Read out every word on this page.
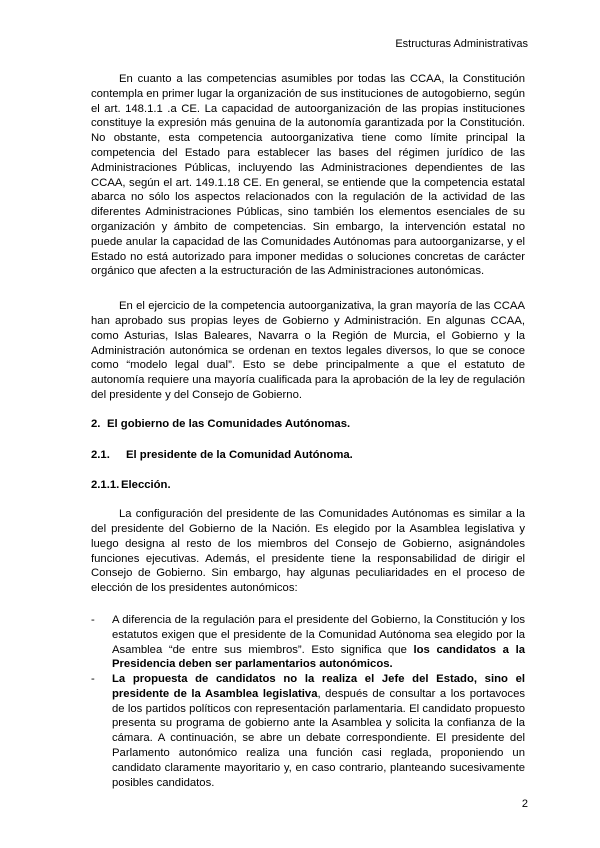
Estructuras Administrativas

En cuanto a las competencias asumibles por todas las CCAA, la Constitución contempla en primer lugar la organización de sus instituciones de autogobierno, según el art. 148.1.1 .a CE. La capacidad de autoorganización de las propias instituciones constituye la expresión más genuina de la autonomía garantizada por la Constitución. No obstante, esta competencia autoorganizativa tiene como límite principal la competencia del Estado para establecer las bases del régimen jurídico de las Administraciones Públicas, incluyendo las Administraciones dependientes de las CCAA, según el art. 149.1.18 CE. En general, se entiende que la competencia estatal abarca no sólo los aspectos relacionados con la regulación de la actividad de las diferentes Administraciones Públicas, sino también los elementos esenciales de su organización y ámbito de competencias. Sin embargo, la intervención estatal no puede anular la capacidad de las Comunidades Autónomas para autoorganizarse, y el Estado no está autorizado para imponer medidas o soluciones concretas de carácter orgánico que afecten a la estructuración de las Administraciones autonómicas.

En el ejercicio de la competencia autoorganizativa, la gran mayoría de las CCAA han aprobado sus propias leyes de Gobierno y Administración. En algunas CCAA, como Asturias, Islas Baleares, Navarra o la Región de Murcia, el Gobierno y la Administración autonómica se ordenan en textos legales diversos, lo que se conoce como “modelo legal dual”. Esto se debe principalmente a que el estatuto de autonomía requiere una mayoría cualificada para la aprobación de la ley de regulación del presidente y del Consejo de Gobierno.

2. El gobierno de las Comunidades Autónomas.
2.1. El presidente de la Comunidad Autónoma.
2.1.1. Elección.

La configuración del presidente de las Comunidades Autónomas es similar a la del presidente del Gobierno de la Nación. Es elegido por la Asamblea legislativa y luego designa al resto de los miembros del Consejo de Gobierno, asignándoles funciones ejecutivas. Además, el presidente tiene la responsabilidad de dirigir el Consejo de Gobierno. Sin embargo, hay algunas peculiaridades en el proceso de elección de los presidentes autonómicos:

- A diferencia de la regulación para el presidente del Gobierno, la Constitución y los estatutos exigen que el presidente de la Comunidad Autónoma sea elegido por la Asamblea “de entre sus miembros”. Esto significa que los candidatos a la Presidencia deben ser parlamentarios autonómicos.
- La propuesta de candidatos no la realiza el Jefe del Estado, sino el presidente de la Asamblea legislativa, después de consultar a los portavoces de los partidos políticos con representación parlamentaria. El candidato propuesto presenta su programa de gobierno ante la Asamblea y solicita la confianza de la cámara. A continuación, se abre un debate correspondiente. El presidente del Parlamento autonómico realiza una función casi reglada, proponiendo un candidato claramente mayoritario y, en caso contrario, planteando sucesivamente posibles candidatos.
2
